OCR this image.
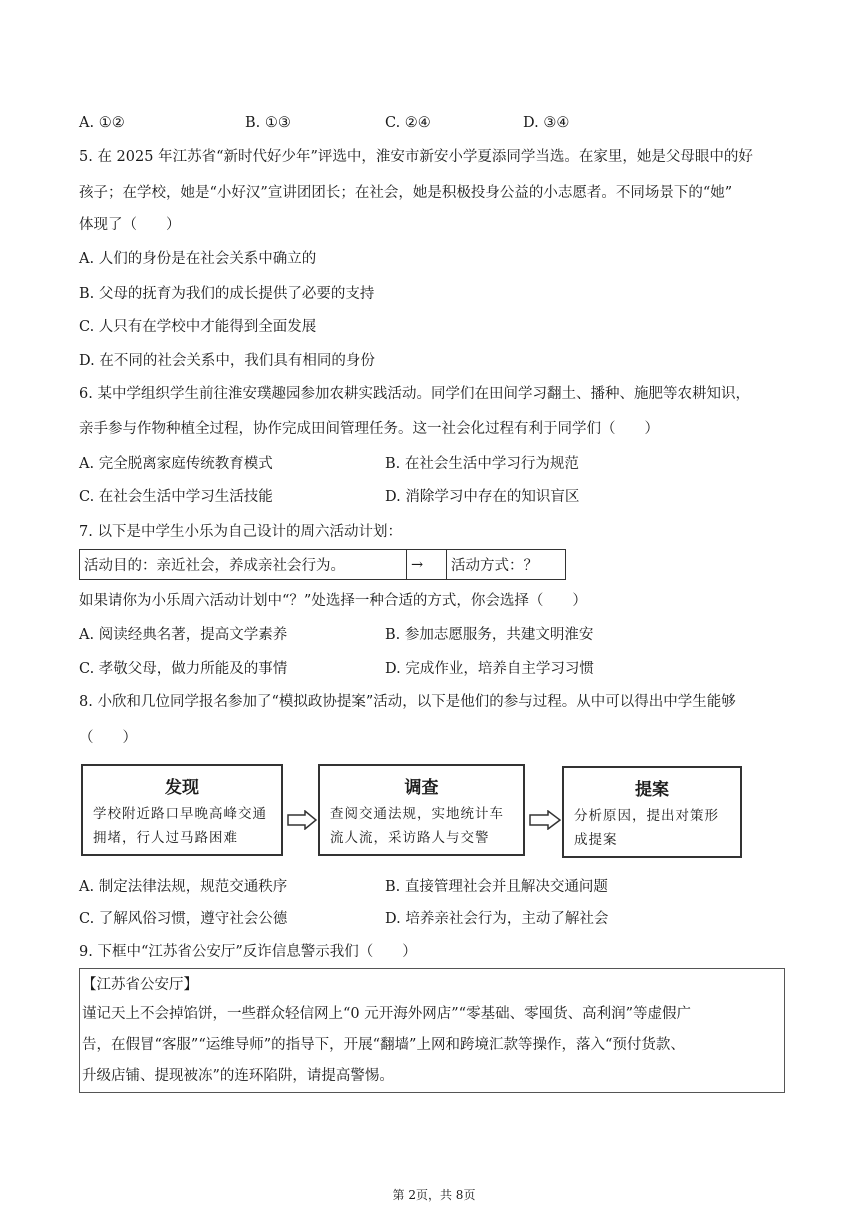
A. ①②	B. ①③	C. ②④	D. ③④
5. 在 2025 年江苏省“新时代好少年”评选中，淮安市新安小学夏添同学当选。在家里，她是父母眼中的好
孩子；在学校，她是“小好汉”宣讲团团长；在社会，她是积极投身公益的小志愿者。不同场景下的“她”
体现了（　　）
A. 人们的身份是在社会关系中确立的
B. 父母的抚育为我们的成长提供了必要的支持
C. 人只有在学校中才能得到全面发展
D. 在不同的社会关系中，我们具有相同的身份
6. 某中学组织学生前往淮安璞趣园参加农耕实践活动。同学们在田间学习翻土、播种、施肥等农耕知识，
亲手参与作物种植全过程，协作完成田间管理任务。这一社会化过程有利于同学们（　　）
A. 完全脱离家庭传统教育模式	B. 在社会生活中学习行为规范
C. 在社会生活中学习生活技能	D. 消除学习中存在的知识盲区
7. 以下是中学生小乐为自己设计的周六活动计划：
活动目的：亲近社会，养成亲社会行为。	→	活动方式：？
如果请你为小乐周六活动计划中“？”处选择一种合适的方式，你会选择（　　）
A. 阅读经典名著，提高文学素养	B. 参加志愿服务，共建文明淮安
C. 孝敬父母，做力所能及的事情	D. 完成作业，培养自主学习习惯
8. 小欣和几位同学报名参加了“模拟政协提案”活动，以下是他们的参与过程。从中可以得出中学生能够
（　　）
发现
学校附近路口早晚高峰交通拥堵，行人过马路困难
调查
查阅交通法规，实地统计车流人流，采访路人与交警
提案
分析原因，提出对策形成提案
A. 制定法律法规，规范交通秩序	B. 直接管理社会并且解决交通问题
C. 了解风俗习惯，遵守社会公德	D. 培养亲社会行为，主动了解社会
9. 下框中“江苏省公安厅”反诈信息警示我们（　　）
【江苏省公安厅】
谨记天上不会掉馅饼，一些群众轻信网上“0 元开海外网店”“零基础、零囤货、高利润”等虚假广
告，在假冒“客服”“运维导师”的指导下，开展“翻墙”上网和跨境汇款等操作，落入“预付货款、
升级店铺、提现被冻”的连环陷阱，请提高警惕。
第 2页，共 8页
